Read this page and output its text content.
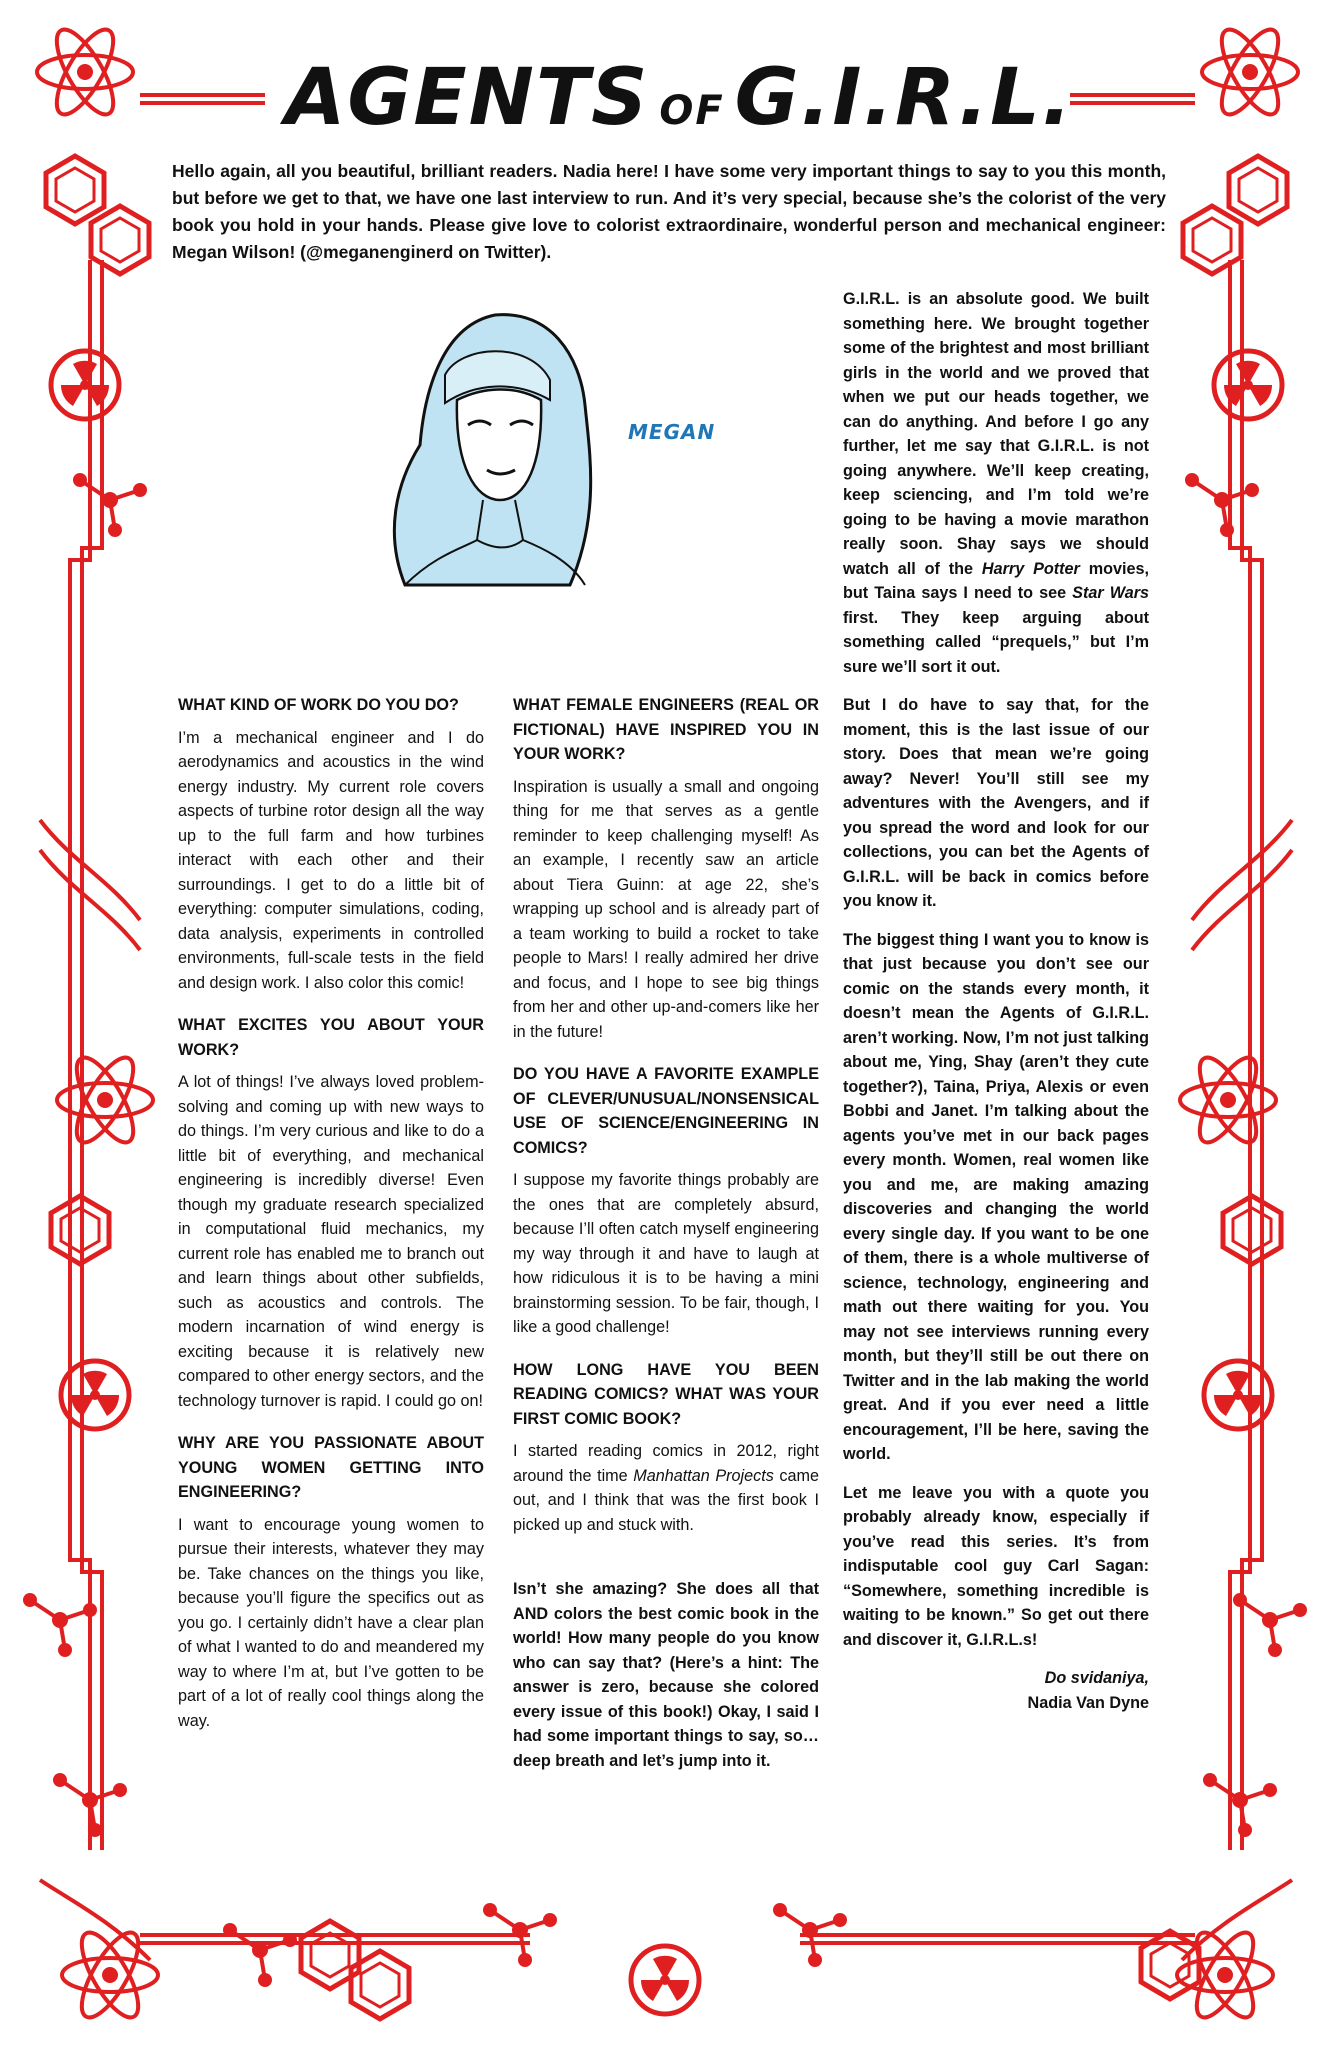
AGENTS OF G.I.R.L.

Hello again, all you beautiful, brilliant readers. Nadia here! I have some very important things to say to you this month, but before we get to that, we have one last interview to run. And it’s very special, because she’s the colorist of the very book you hold in your hands. Please give love to colorist extraordinaire, wonderful person and mechanical engineer: Megan Wilson! (@meganenginerd on Twitter).

MEGAN

WHAT KIND OF WORK DO YOU DO?

I’m a mechanical engineer and I do aerodynamics and acoustics in the wind energy industry. My current role covers aspects of turbine rotor design all the way up to the full farm and how turbines interact with each other and their surroundings. I get to do a little bit of everything: computer simulations, coding, data analysis, experiments in controlled environments, full-scale tests in the field and design work. I also color this comic!

WHAT EXCITES YOU ABOUT YOUR WORK?

A lot of things! I’ve always loved problem-solving and coming up with new ways to do things. I’m very curious and like to do a little bit of everything, and mechanical engineering is incredibly diverse! Even though my graduate research specialized in computational fluid mechanics, my current role has enabled me to branch out and learn things about other subfields, such as acoustics and controls. The modern incarnation of wind energy is exciting because it is relatively new compared to other energy sectors, and the technology turnover is rapid. I could go on!

WHY ARE YOU PASSIONATE ABOUT YOUNG WOMEN GETTING INTO ENGINEERING?

I want to encourage young women to pursue their interests, whatever they may be. Take chances on the things you like, because you’ll figure the specifics out as you go. I certainly didn’t have a clear plan of what I wanted to do and meandered my way to where I’m at, but I’ve gotten to be part of a lot of really cool things along the way.

WHAT FEMALE ENGINEERS (REAL OR FICTIONAL) HAVE INSPIRED YOU IN YOUR WORK?

Inspiration is usually a small and ongoing thing for me that serves as a gentle reminder to keep challenging myself! As an example, I recently saw an article about Tiera Guinn: at age 22, she’s wrapping up school and is already part of a team working to build a rocket to take people to Mars! I really admired her drive and focus, and I hope to see big things from her and other up-and-comers like her in the future!

DO YOU HAVE A FAVORITE EXAMPLE OF CLEVER/UNUSUAL/NONSENSICAL USE OF SCIENCE/ENGINEERING IN COMICS?

I suppose my favorite things probably are the ones that are completely absurd, because I’ll often catch myself engineering my way through it and have to laugh at how ridiculous it is to be having a mini brainstorming session. To be fair, though, I like a good challenge!

HOW LONG HAVE YOU BEEN READING COMICS? WHAT WAS YOUR FIRST COMIC BOOK?

I started reading comics in 2012, right around the time Manhattan Projects came out, and I think that was the first book I picked up and stuck with.

Isn’t she amazing? She does all that AND colors the best comic book in the world! How many people do you know who can say that? (Here’s a hint: The answer is zero, because she colored every issue of this book!) Okay, I said I had some important things to say, so…deep breath and let’s jump into it.

G.I.R.L. is an absolute good. We built something here. We brought together some of the brightest and most brilliant girls in the world and we proved that when we put our heads together, we can do anything. And before I go any further, let me say that G.I.R.L. is not going anywhere. We’ll keep creating, keep sciencing, and I’m told we’re going to be having a movie marathon really soon. Shay says we should watch all of the Harry Potter movies, but Taina says I need to see Star Wars first. They keep arguing about something called “prequels,” but I’m sure we’ll sort it out.

But I do have to say that, for the moment, this is the last issue of our story. Does that mean we’re going away? Never! You’ll still see my adventures with the Avengers, and if you spread the word and look for our collections, you can bet the Agents of G.I.R.L. will be back in comics before you know it.

The biggest thing I want you to know is that just because you don’t see our comic on the stands every month, it doesn’t mean the Agents of G.I.R.L. aren’t working. Now, I’m not just talking about me, Ying, Shay (aren’t they cute together?), Taina, Priya, Alexis or even Bobbi and Janet. I’m talking about the agents you’ve met in our back pages every month. Women, real women like you and me, are making amazing discoveries and changing the world every single day. If you want to be one of them, there is a whole multiverse of science, technology, engineering and math out there waiting for you. You may not see interviews running every month, but they’ll still be out there on Twitter and in the lab making the world great. And if you ever need a little encouragement, I’ll be here, saving the world.

Let me leave you with a quote you probably already know, especially if you’ve read this series. It’s from indisputable cool guy Carl Sagan: “Somewhere, something incredible is waiting to be known.” So get out there and discover it, G.I.R.L.s!

Do svidaniya,
Nadia Van Dyne
